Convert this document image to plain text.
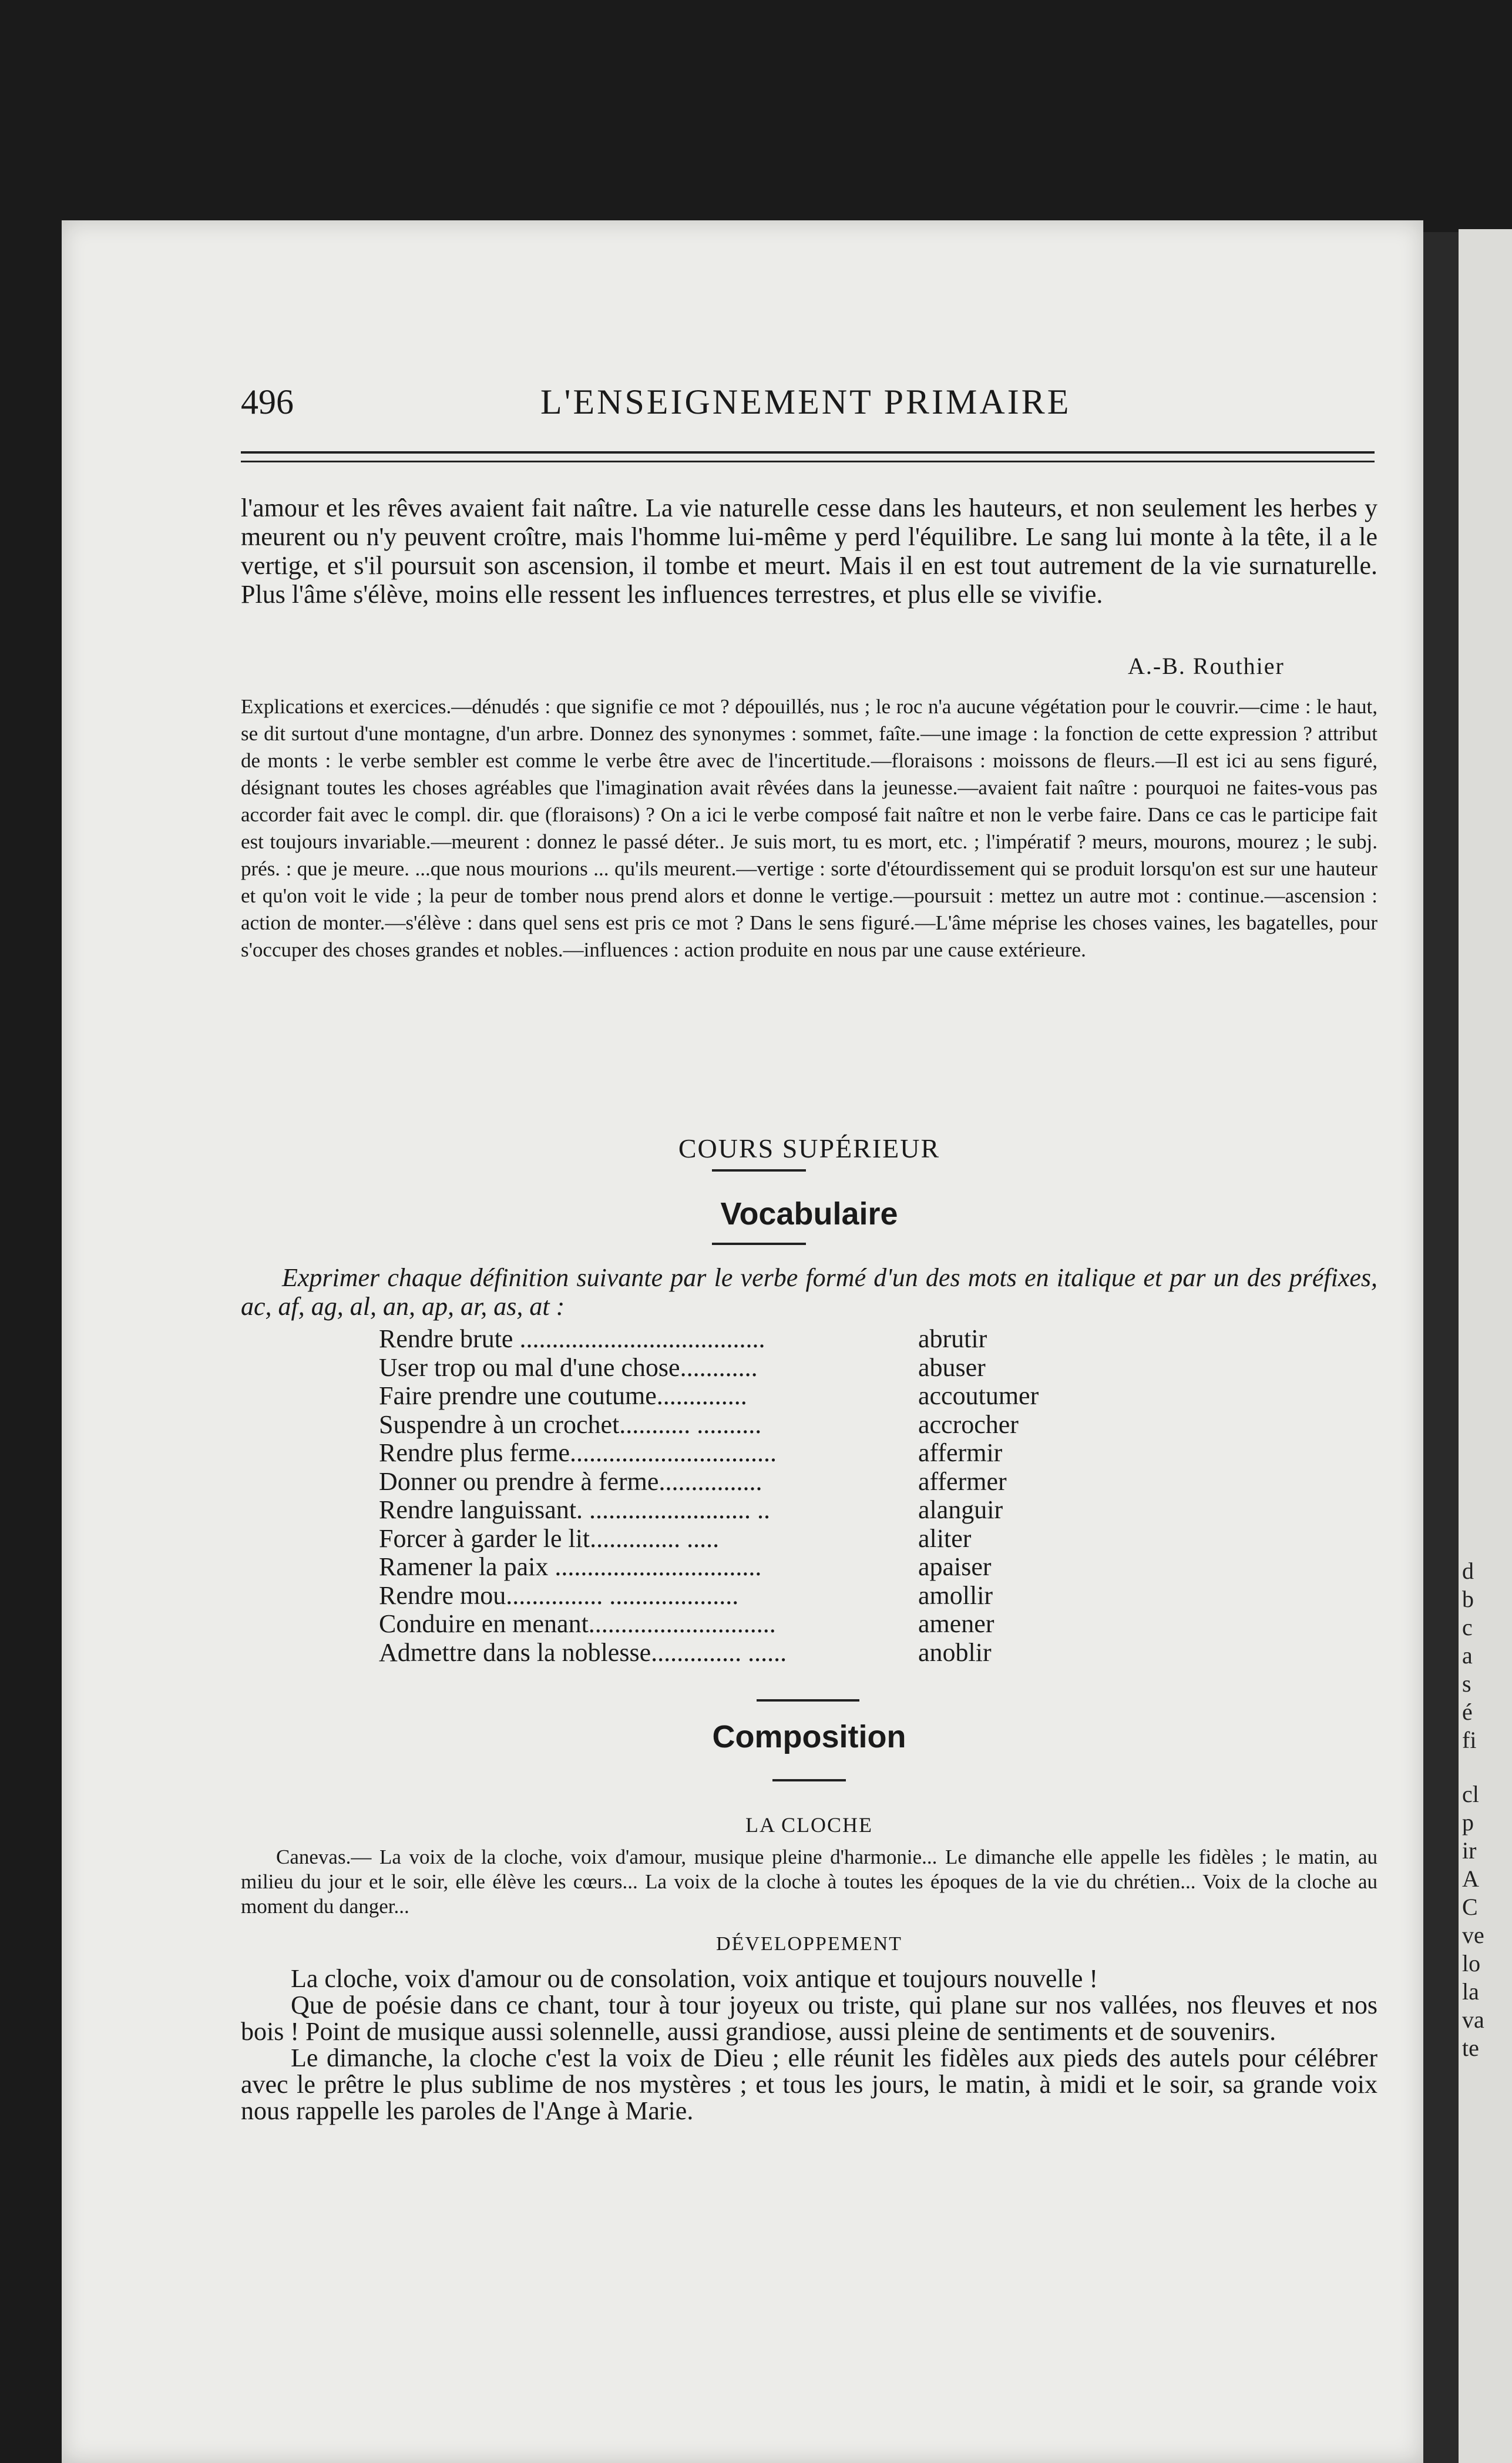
d
b
c
a
s
é
fi
cl
p
ir
A
C
ve
lo
la
va
te
496	L'ENSEIGNEMENT PRIMAIRE

l'amour et les rêves avaient fait naître. La vie naturelle cesse dans les hauteurs, et non seulement les herbes y meurent ou n'y peuvent croître, mais l'homme lui-même y perd l'équilibre. Le sang lui monte à la tête, il a le vertige, et s'il poursuit son ascension, il tombe et meurt. Mais il en est tout autrement de la vie surnaturelle. Plus l'âme s'élève, moins elle ressent les influences terrestres, et plus elle se vivifie.

A.-B. Routhier

Explications et exercices.—dénudés : que signifie ce mot ? dépouillés, nus ; le roc n'a aucune végétation pour le couvrir.—cime : le haut, se dit surtout d'une montagne, d'un arbre. Donnez des synonymes : sommet, faîte.—une image : la fonction de cette expression ? attribut de monts : le verbe sembler est comme le verbe être avec de l'incertitude.—floraisons : moissons de fleurs.—Il est ici au sens figuré, désignant toutes les choses agréables que l'imagination avait rêvées dans la jeunesse.—avaient fait naître : pourquoi ne faites-vous pas accorder fait avec le compl. dir. que (floraisons) ? On a ici le verbe composé fait naître et non le verbe faire. Dans ce cas le participe fait est toujours invariable.—meurent : donnez le passé déter.. Je suis mort, tu es mort, etc. ; l'impératif ? meurs, mourons, mourez ; le subj. prés. : que je meure. ...que nous mourions ... qu'ils meurent.—vertige : sorte d'étourdissement qui se produit lorsqu'on est sur une hauteur et qu'on voit le vide ; la peur de tomber nous prend alors et donne le vertige.—poursuit : mettez un autre mot : continue.—ascension : action de monter.—s'élève : dans quel sens est pris ce mot ? Dans le sens figuré.—L'âme méprise les choses vaines, les bagatelles, pour s'occuper des choses grandes et nobles.—influences : action produite en nous par une cause extérieure.

COURS SUPÉRIEUR
Vocabulaire

Exprimer chaque définition suivante par le verbe formé d'un des mots en italique et par un des préfixes, ac, af, ag, al, an, ap, ar, as, at :

Rendre brute ......................................	abrutir
User trop ou mal d'une chose............	abuser
Faire prendre une coutume..............	accoutumer
Suspendre à un crochet........... ..........	accrocher
Rendre plus ferme................................	affermir
Donner ou prendre à ferme................	affermer
Rendre languissant. ......................... ..	alanguir
Forcer à garder le lit.............. .....	aliter
Ramener la paix ................................	apaiser
Rendre mou............... ....................	amollir
Conduire en menant.............................	amener
Admettre dans la noblesse.............. ......	anoblir
Composition
LA CLOCHE

Canevas.— La voix de la cloche, voix d'amour, musique pleine d'harmonie... Le dimanche elle appelle les fidèles ; le matin, au milieu du jour et le soir, elle élève les cœurs... La voix de la cloche à toutes les époques de la vie du chrétien... Voix de la cloche au moment du danger...

DÉVELOPPEMENT

La cloche, voix d'amour ou de consolation, voix antique et toujours nouvelle !

Que de poésie dans ce chant, tour à tour joyeux ou triste, qui plane sur nos vallées, nos fleuves et nos bois ! Point de musique aussi solennelle, aussi grandiose, aussi pleine de sentiments et de souvenirs.

Le dimanche, la cloche c'est la voix de Dieu ; elle réunit les fidèles aux pieds des autels pour célébrer avec le prêtre le plus sublime de nos mystères ; et tous les jours, le matin, à midi et le soir, sa grande voix nous rappelle les paroles de l'Ange à Marie.
